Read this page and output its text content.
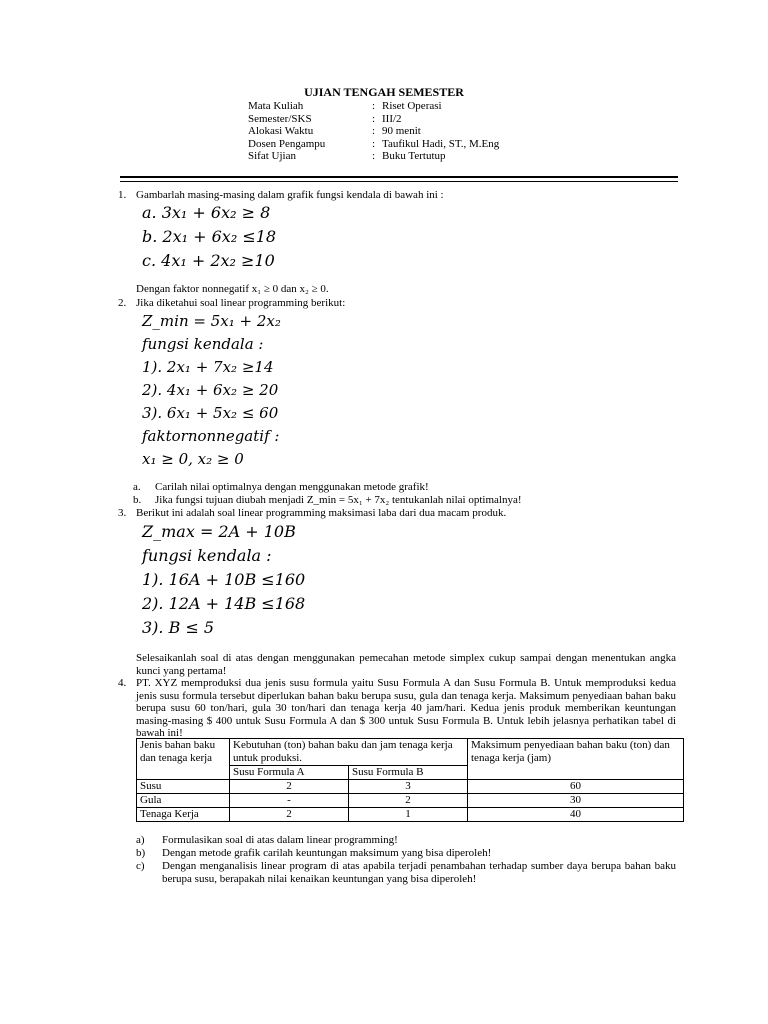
UJIAN TENGAH SEMESTER
Mata Kuliah	: Riset Operasi
Semester/SKS	: III/2
Alokasi Waktu	: 90 menit
Dosen Pengampu	: Taufikul Hadi, ST., M.Eng
Sifat Ujian	: Buku Tertutup
1. Gambarlah masing-masing dalam grafik fungsi kendala di bawah ini :
a. 3x₁ + 6x₂ ≥ 8
b. 2x₁ + 6x₂ ≤18
c. 4x₁ + 2x₂ ≥10
Dengan faktor nonnegatif x₁ ≥ 0 dan x₂ ≥ 0.
2. Jika diketahui soal linear programming berikut:
Z_min = 5x₁ + 2x₂
fungsi kendala :
1). 2x₁ + 7x₂ ≥14
2). 4x₁ + 6x₂ ≥ 20
3). 6x₁ + 5x₂ ≤ 60
faktornonnegatif :
x₁ ≥ 0, x₂ ≥ 0
a. Carilah nilai optimalnya dengan menggunakan metode grafik!
b. Jika fungsi tujuan diubah menjadi Z_min = 5x₁ + 7x₂ tentukanlah nilai optimalnya!
3. Berikut ini adalah soal linear programming maksimasi laba dari dua macam produk.
Z_max = 2A + 10B
fungsi kendala :
1). 16A + 10B ≤160
2). 12A + 14B ≤168
3). B ≤ 5
Selesaikanlah soal di atas dengan menggunakan pemecahan metode simplex cukup sampai dengan menentukan angka kunci yang pertama!
4. PT. XYZ memproduksi dua jenis susu formula yaitu Susu Formula A dan Susu Formula B. Untuk memproduksi kedua jenis susu formula tersebut diperlukan bahan baku berupa susu, gula dan tenaga kerja. Maksimum penyediaan bahan baku berupa susu 60 ton/hari, gula 30 ton/hari dan tenaga kerja 40 jam/hari. Kedua jenis produk memberikan keuntungan masing-masing $ 400 untuk Susu Formula A dan $ 300 untuk Susu Formula B. Untuk lebih jelasnya perhatikan tabel di bawah ini!
Jenis bahan baku dan tenaga kerja	Kebutuhan (ton) bahan baku dan jam tenaga kerja untuk produksi.		Maksimum penyediaan bahan baku (ton) dan tenaga kerja (jam)
	Susu Formula A	Susu Formula B	
Susu	2	3	60
Gula	-	2	30
Tenaga Kerja	2	1	40
a) Formulasikan soal di atas dalam linear programming!
b) Dengan metode grafik carilah keuntungan maksimum yang bisa diperoleh!
c) Dengan menganalisis linear program di atas apabila terjadi penambahan terhadap sumber daya berupa bahan baku berupa susu, berapakah nilai kenaikan keuntungan yang bisa diperoleh!
